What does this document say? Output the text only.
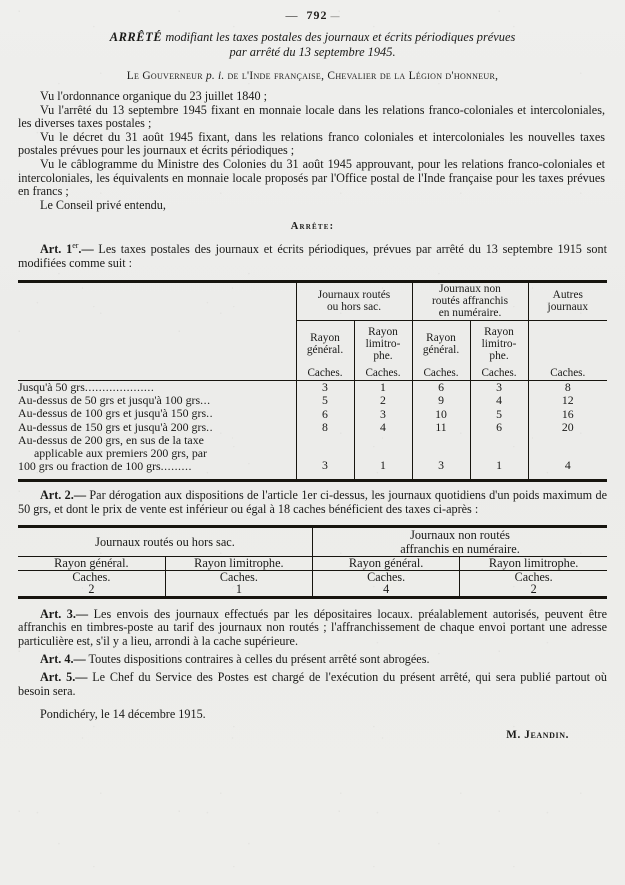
— 792 —
ARRÊTÉ modifiant les taxes postales des journaux et écrits périodiques prévues
par arrêté du 13 septembre 1945.
Le Gouverneur p. i. de l'Inde française, Chevalier de la Légion d'honneur,

Vu l'ordonnance organique du 23 juillet 1840 ;

Vu l'arrêté du 13 septembre 1945 fixant en monnaie locale dans les relations franco-coloniales et intercoloniales, les diverses taxes postales ;

Vu le décret du 31 août 1945 fixant, dans les relations franco coloniales et intercoloniales les nouvelles taxes postales prévues pour les journaux et écrits périodiques ;

Vu le câblogramme du Ministre des Colonies du 31 août 1945 approuvant, pour les relations franco-coloniales et intercoloniales, les équivalents en monnaie locale proposés par l'Office postal de l'Inde française pour les taxes prévues en francs ;

Le Conseil privé entendu,

Arrête:
Art. 1er.— Les taxes postales des journaux et écrits périodiques, prévues par arrêté du 13 septembre 1915 sont modifiées comme suit :
	Journaux routés
ou hors sac.		Journaux non
routés affranchis
en numéraire.		Autres
journaux
	Rayon
général.	Rayon
limitro-
phe.	Rayon
général.	Rayon
limitro-
phe.	
	Caches.	Caches.	Caches.	Caches.	Caches.
Jusqu'à 50 grs....................	3	1	6	3	8
Au-dessus de 50 grs et jusqu'à 100 grs...	5	2	9	4	12
Au-dessus de 100 grs et jusqu'à 150 grs..	6	3	10	5	16
Au-dessus de 150 grs et jusqu'à 200 grs..	8	4	11	6	20
Au-dessus de 200 grs, en sus de la taxe
applicable aux premiers 200 grs, par
100 grs ou fraction de 100 grs.........	3	1	3	1	4

Art. 2.— Par dérogation aux dispositions de l'article 1er ci-dessus, les journaux quotidiens d'un poids maximum de 50 grs, et dont le prix de vente est inférieur ou égal à 18 caches bénéficient des taxes ci-après :
Journaux routés ou hors sac.		Journaux non routés
affranchis en numéraire.	
Rayon général.	Rayon limitrophe.	Rayon général.	Rayon limitrophe.
Caches.	Caches.	Caches.	Caches.
2	1	4	2
Art. 3.— Les envois des journaux effectués par les dépositaires locaux. préalablement autorisés, peuvent être affranchis en timbres-poste au tarif des journaux non routés ; l'affranchissement de chaque envoi portant une adresse particulière est, s'il y a lieu, arrondi à la cache supérieure.
Art. 4.— Toutes dispositions contraires à celles du présent arrêté sont abrogées.
Art. 5.— Le Chef du Service des Postes est chargé de l'exécution du présent arrêté, qui sera publié partout où besoin sera.
Pondichéry, le 14 décembre 1915.
M. Jeandin.
